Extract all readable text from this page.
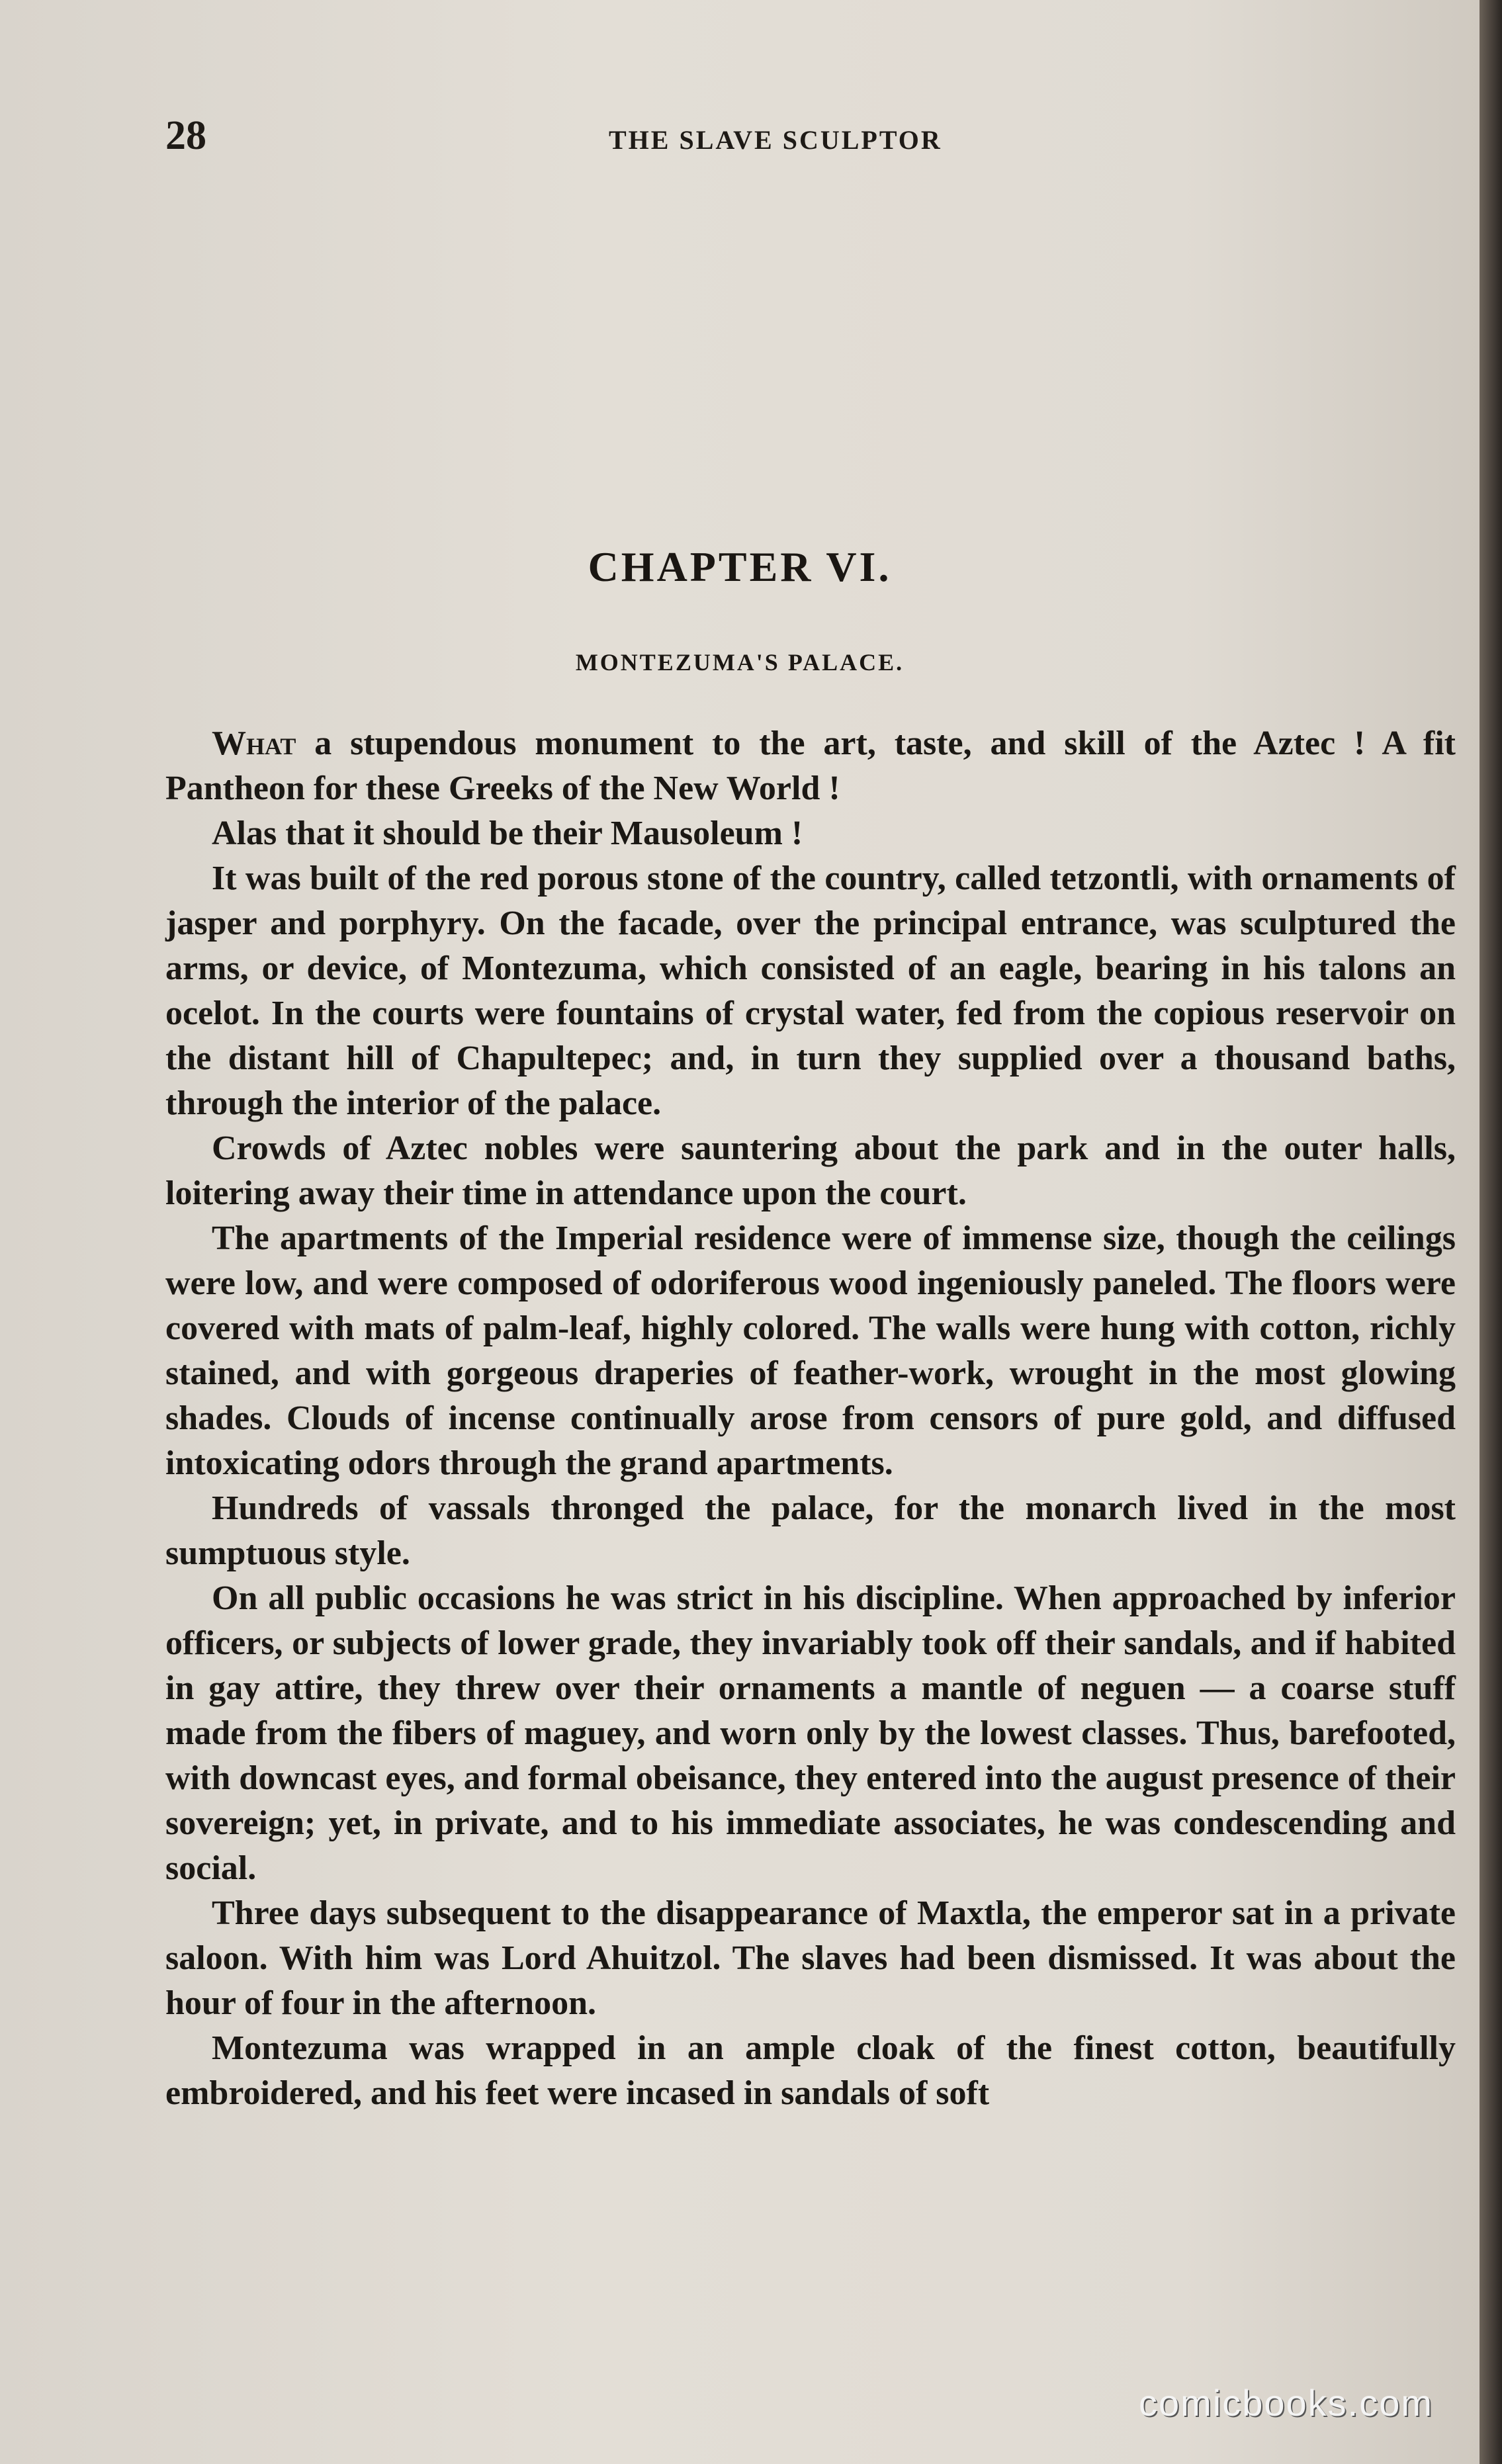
28	THE SLAVE SCULPTOR
CHAPTER VI.
MONTEZUMA'S PALACE.

What a stupendous monument to the art, taste, and skill of the Aztec ! A fit Pantheon for these Greeks of the New World !

Alas that it should be their Mausoleum !

It was built of the red porous stone of the country, called tetzontli, with ornaments of jasper and porphyry. On the facade, over the principal entrance, was sculptured the arms, or device, of Montezuma, which consisted of an eagle, bearing in his talons an ocelot. In the courts were fountains of crystal water, fed from the copious reservoir on the distant hill of Chapultepec; and, in turn they supplied over a thousand baths, through the interior of the palace.

Crowds of Aztec nobles were sauntering about the park and in the outer halls, loitering away their time in attendance upon the court.

The apartments of the Imperial residence were of immense size, though the ceilings were low, and were composed of odoriferous wood ingeniously paneled. The floors were covered with mats of palm-leaf, highly colored. The walls were hung with cotton, richly stained, and with gorgeous draperies of feather-work, wrought in the most glowing shades. Clouds of incense continually arose from censors of pure gold, and diffused intoxicating odors through the grand apartments.

Hundreds of vassals thronged the palace, for the monarch lived in the most sumptuous style.

On all public occasions he was strict in his discipline. When approached by inferior officers, or subjects of lower grade, they invariably took off their sandals, and if habited in gay attire, they threw over their ornaments a mantle of neguen — a coarse stuff made from the fibers of maguey, and worn only by the lowest classes. Thus, barefooted, with downcast eyes, and formal obeisance, they entered into the august presence of their sovereign; yet, in private, and to his immediate associates, he was condescending and social.

Three days subsequent to the disappearance of Maxtla, the emperor sat in a private saloon. With him was Lord Ahuitzol. The slaves had been dismissed. It was about the hour of four in the afternoon.

Montezuma was wrapped in an ample cloak of the finest cotton, beautifully embroidered, and his feet were incased in sandals of soft

comicbooks.com
